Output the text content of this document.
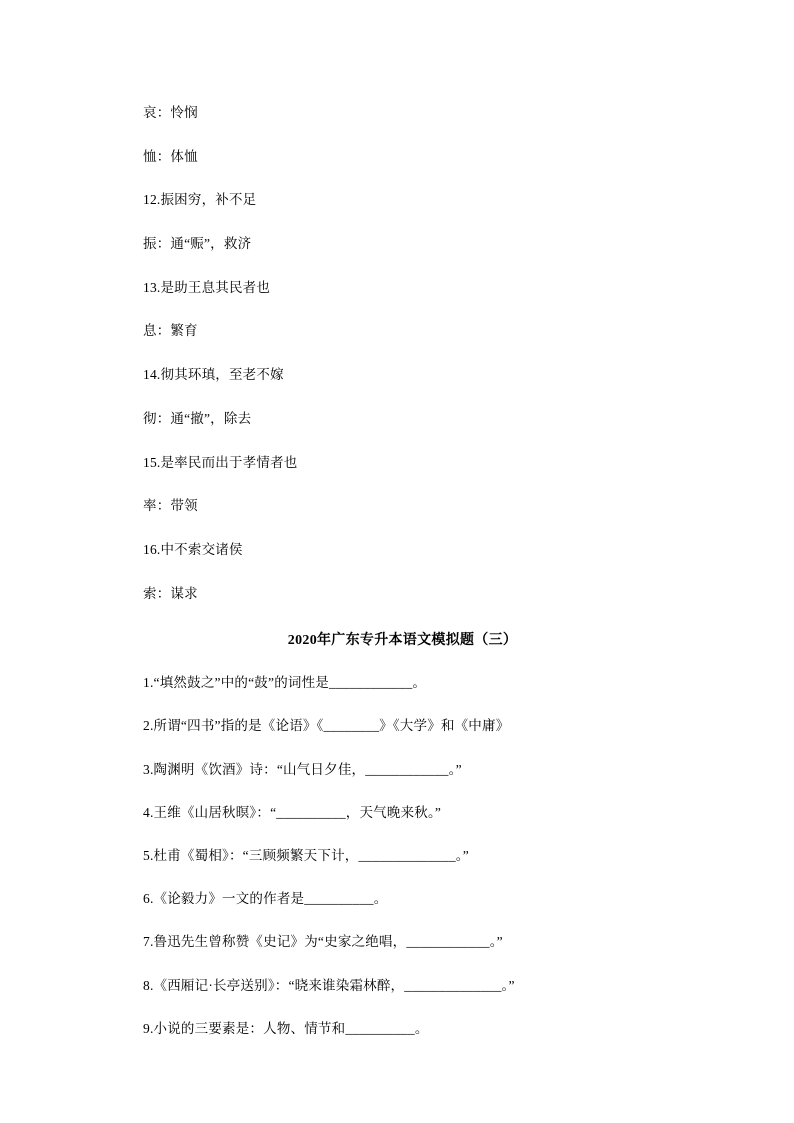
哀：怜悯

恤：体恤

12.振困穷，补不足

振：通“赈”，救济

13.是助王息其民者也

息：繁育

14.彻其环瑱，至老不嫁

彻：通“撤”，除去

15.是率民而出于孝情者也

率：带领

16.中不索交诸侯

索：谋求

2020年广东专升本语文模拟题（三）

1.“填然鼓之”中的“鼓”的词性是____________。

2.所谓“四书”指的是《论语》《________》《大学》和《中庸》

3.陶渊明《饮酒》诗：“山气日夕佳，____________。”

4.王维《山居秋暝》：“__________，天气晚来秋。”

5.杜甫《蜀相》：“三顾频繁天下计，______________。”

6.《论毅力》一文的作者是__________。

7.鲁迅先生曾称赞《史记》为“史家之绝唱，____________。”

8.《西厢记·长亭送别》：“晓来谁染霜林醉，______________。”

9.小说的三要素是：人物、情节和__________。
